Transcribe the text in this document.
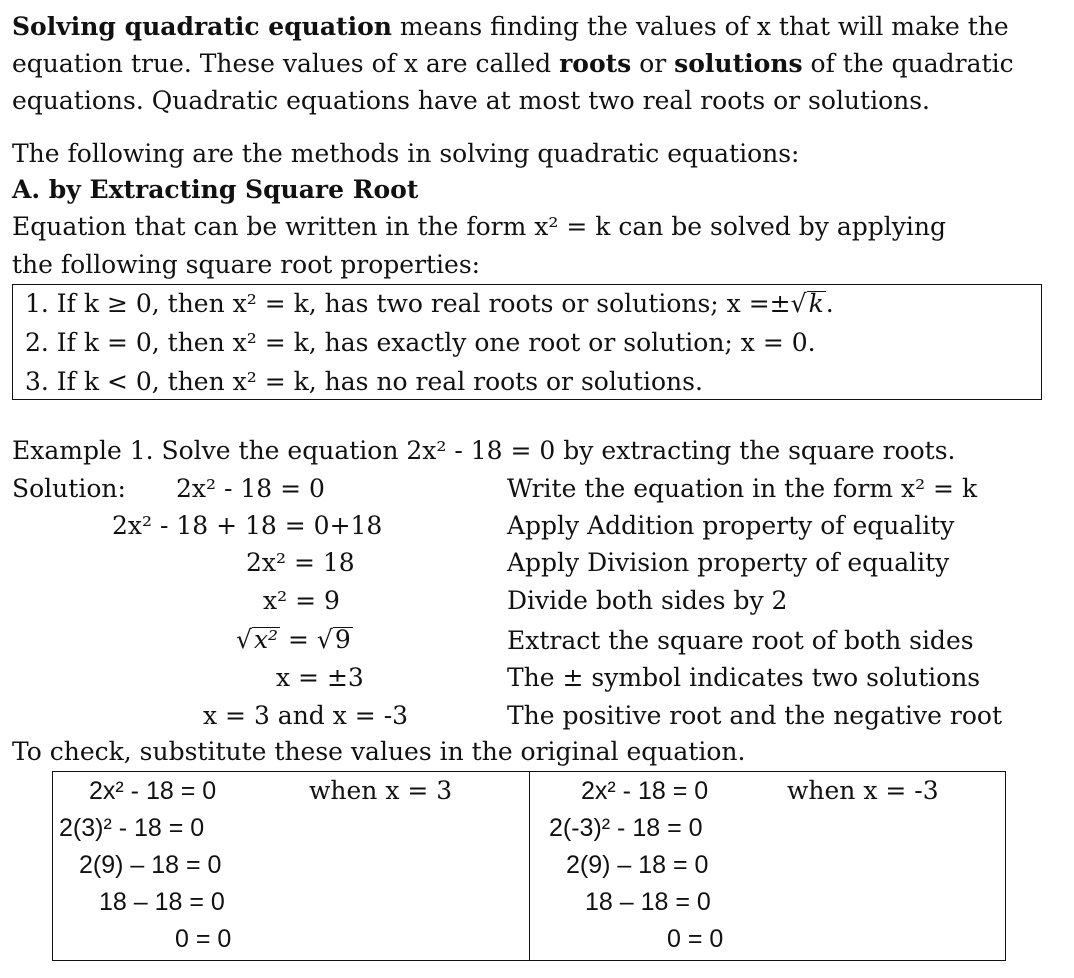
Solving quadratic equation means finding the values of x that will make the equation true. These values of x are called roots or solutions of the quadratic equations. Quadratic equations have at most two real roots or solutions.
The following are the methods in solving quadratic equations:
A. by Extracting Square Root
Equation that can be written in the form x² = k can be solved by applying
the following square root properties:
1. If k ≥ 0, then x² = k, has two real roots or solutions; x =±√k.
2. If k = 0, then x² = k, has exactly one root or solution; x = 0.
3. If k < 0, then x² = k, has no real roots or solutions.
Example 1. Solve the equation 2x² - 18 = 0 by extracting the square roots.
Solution: 2x² - 18 = 0
2x² - 18 + 18 = 0+18
2x² = 18
x² = 9
√x² = √9
x = ±3
x = 3 and x = -3
Write the equation in the form x² = k
Apply Addition property of equality
Apply Division property of equality
Divide both sides by 2
Extract the square root of both sides
The ± symbol indicates two solutions
The positive root and the negative root
To check, substitute these values in the original equation.
2x² - 18 = 0	when x = 3
2(3)² - 18 = 0
2(9) – 18 = 0
18 – 18 = 0
0 = 0
2x² - 18 = 0	when x = -3
2(-3)² - 18 = 0
2(9) – 18 = 0
18 – 18 = 0
0 = 0
